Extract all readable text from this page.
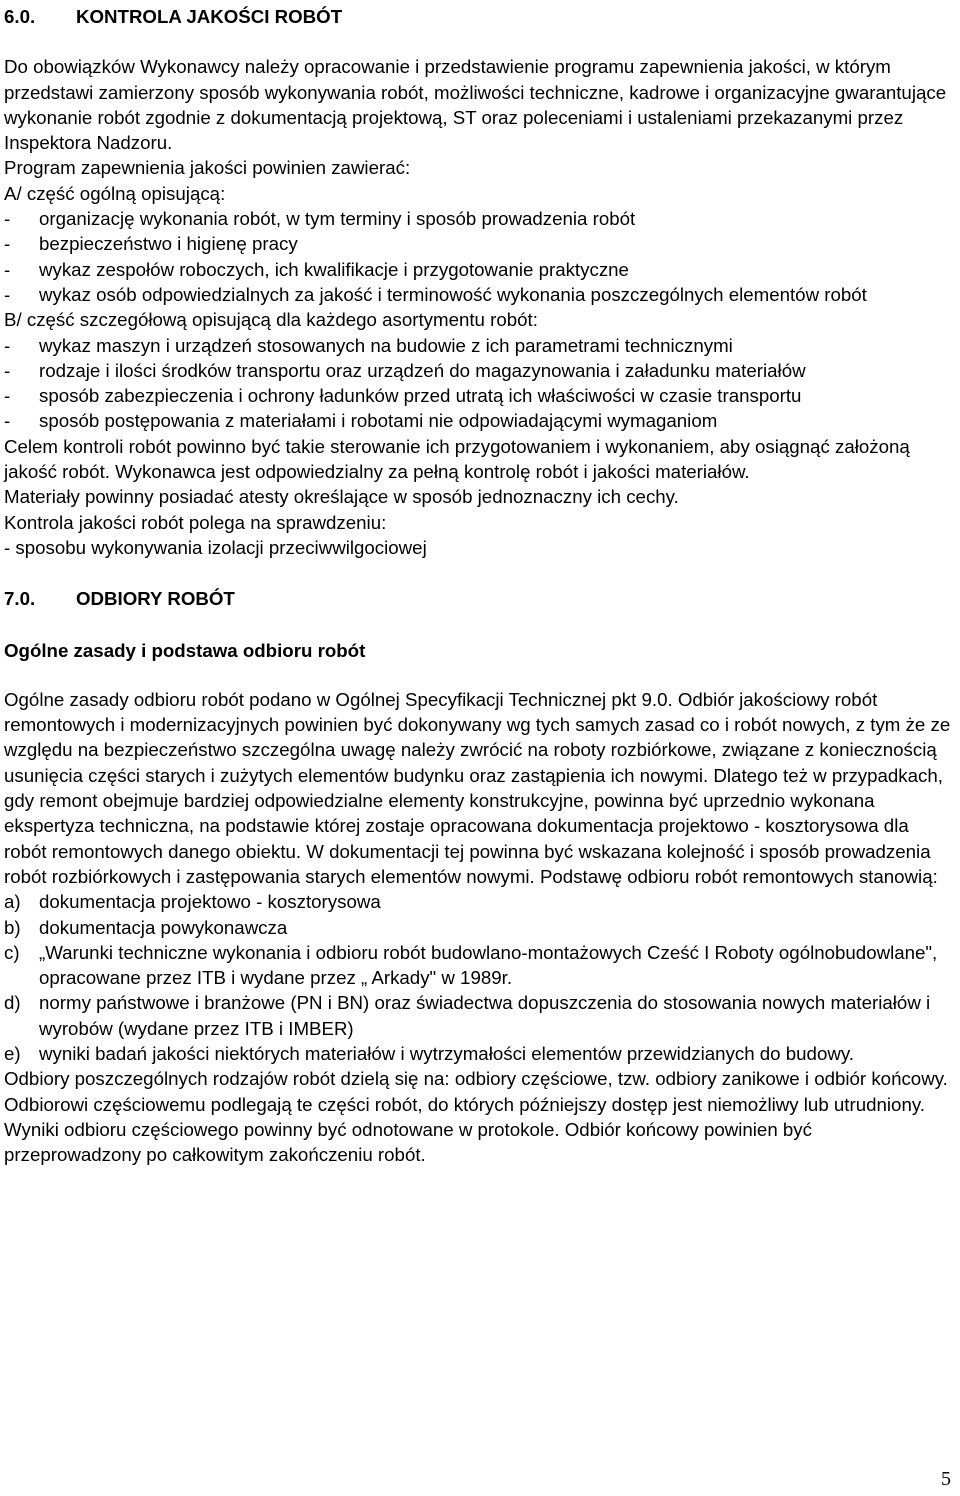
6.0.	KONTROLA JAKOŚCI ROBÓT

Do obowiązków Wykonawcy należy opracowanie i przedstawienie programu zapewnienia jakości, w którym przedstawi zamierzony sposób wykonywania robót, możliwości techniczne, kadrowe i organizacyjne gwarantujące wykonanie robót zgodnie z dokumentacją projektową, ST oraz poleceniami i ustaleniami przekazanymi przez Inspektora Nadzoru.

Program zapewnienia jakości powinien zawierać:

A/ część ogólną opisującą:

- organizację wykonania robót, w tym terminy i sposób prowadzenia robót
- bezpieczeństwo i higienę pracy
- wykaz zespołów roboczych, ich kwalifikacje i przygotowanie praktyczne
- wykaz osób odpowiedzialnych za jakość i terminowość wykonania poszczególnych elementów robót

B/ część szczegółową opisującą dla każdego asortymentu robót:

- wykaz maszyn i urządzeń stosowanych na budowie z ich parametrami technicznymi
- rodzaje i ilości środków transportu oraz urządzeń do magazynowania i załadunku materiałów
- sposób zabezpieczenia i ochrony ładunków przed utratą ich właściwości w czasie transportu
- sposób postępowania z materiałami i robotami nie odpowiadającymi wymaganiom

Celem kontroli robót powinno być takie sterowanie ich przygotowaniem i wykonaniem, aby osiągnąć założoną jakość robót. Wykonawca jest odpowiedzialny za pełną kontrolę robót i jakości materiałów.

Materiały powinny posiadać atesty określające w sposób jednoznaczny ich cechy.

Kontrola jakości robót polega na sprawdzeniu:

- sposobu wykonywania izolacji przeciwwilgociowej

7.0.	ODBIORY ROBÓT
Ogólne zasady i podstawa odbioru robót

Ogólne zasady odbioru robót podano w Ogólnej Specyfikacji Technicznej pkt 9.0. Odbiór jakościowy robót remontowych i modernizacyjnych powinien być dokonywany wg tych samych zasad co i robót nowych, z tym że ze względu na bezpieczeństwo szczególna uwagę należy zwrócić na roboty rozbiórkowe, związane z koniecznością usunięcia części starych i zużytych elementów budynku oraz zastąpienia ich nowymi. Dlatego też w przypadkach, gdy remont obejmuje bardziej odpowiedzialne elementy konstrukcyjne, powinna być uprzednio wykonana ekspertyza techniczna, na podstawie której zostaje opracowana dokumentacja projektowo - kosztorysowa dla robót remontowych danego obiektu. W dokumentacji tej powinna być wskazana kolejność i sposób prowadzenia robót rozbiórkowych i zastępowania starych elementów nowymi. Podstawę odbioru robót remontowych stanowią:

a) dokumentacja projektowo - kosztorysowa
b) dokumentacja powykonawcza
c) „Warunki techniczne wykonania i odbioru robót budowlano-montażowych Cześć I Roboty ogólnobudowlane", opracowane przez ITB i wydane przez „ Arkady" w 1989r.
d) normy państwowe i branżowe (PN i BN) oraz świadectwa dopuszczenia do stosowania nowych materiałów i wyrobów (wydane przez ITB i IMBER)
e) wyniki badań jakości niektórych materiałów i wytrzymałości elementów przewidzianych do budowy.

Odbiory poszczególnych rodzajów robót dzielą się na: odbiory częściowe, tzw. odbiory zanikowe i odbiór końcowy. Odbiorowi częściowemu podlegają te części robót, do których późniejszy dostęp jest niemożliwy lub utrudniony. Wyniki odbioru częściowego powinny być odnotowane w protokole. Odbiór końcowy powinien być przeprowadzony po całkowitym zakończeniu robót.

5
